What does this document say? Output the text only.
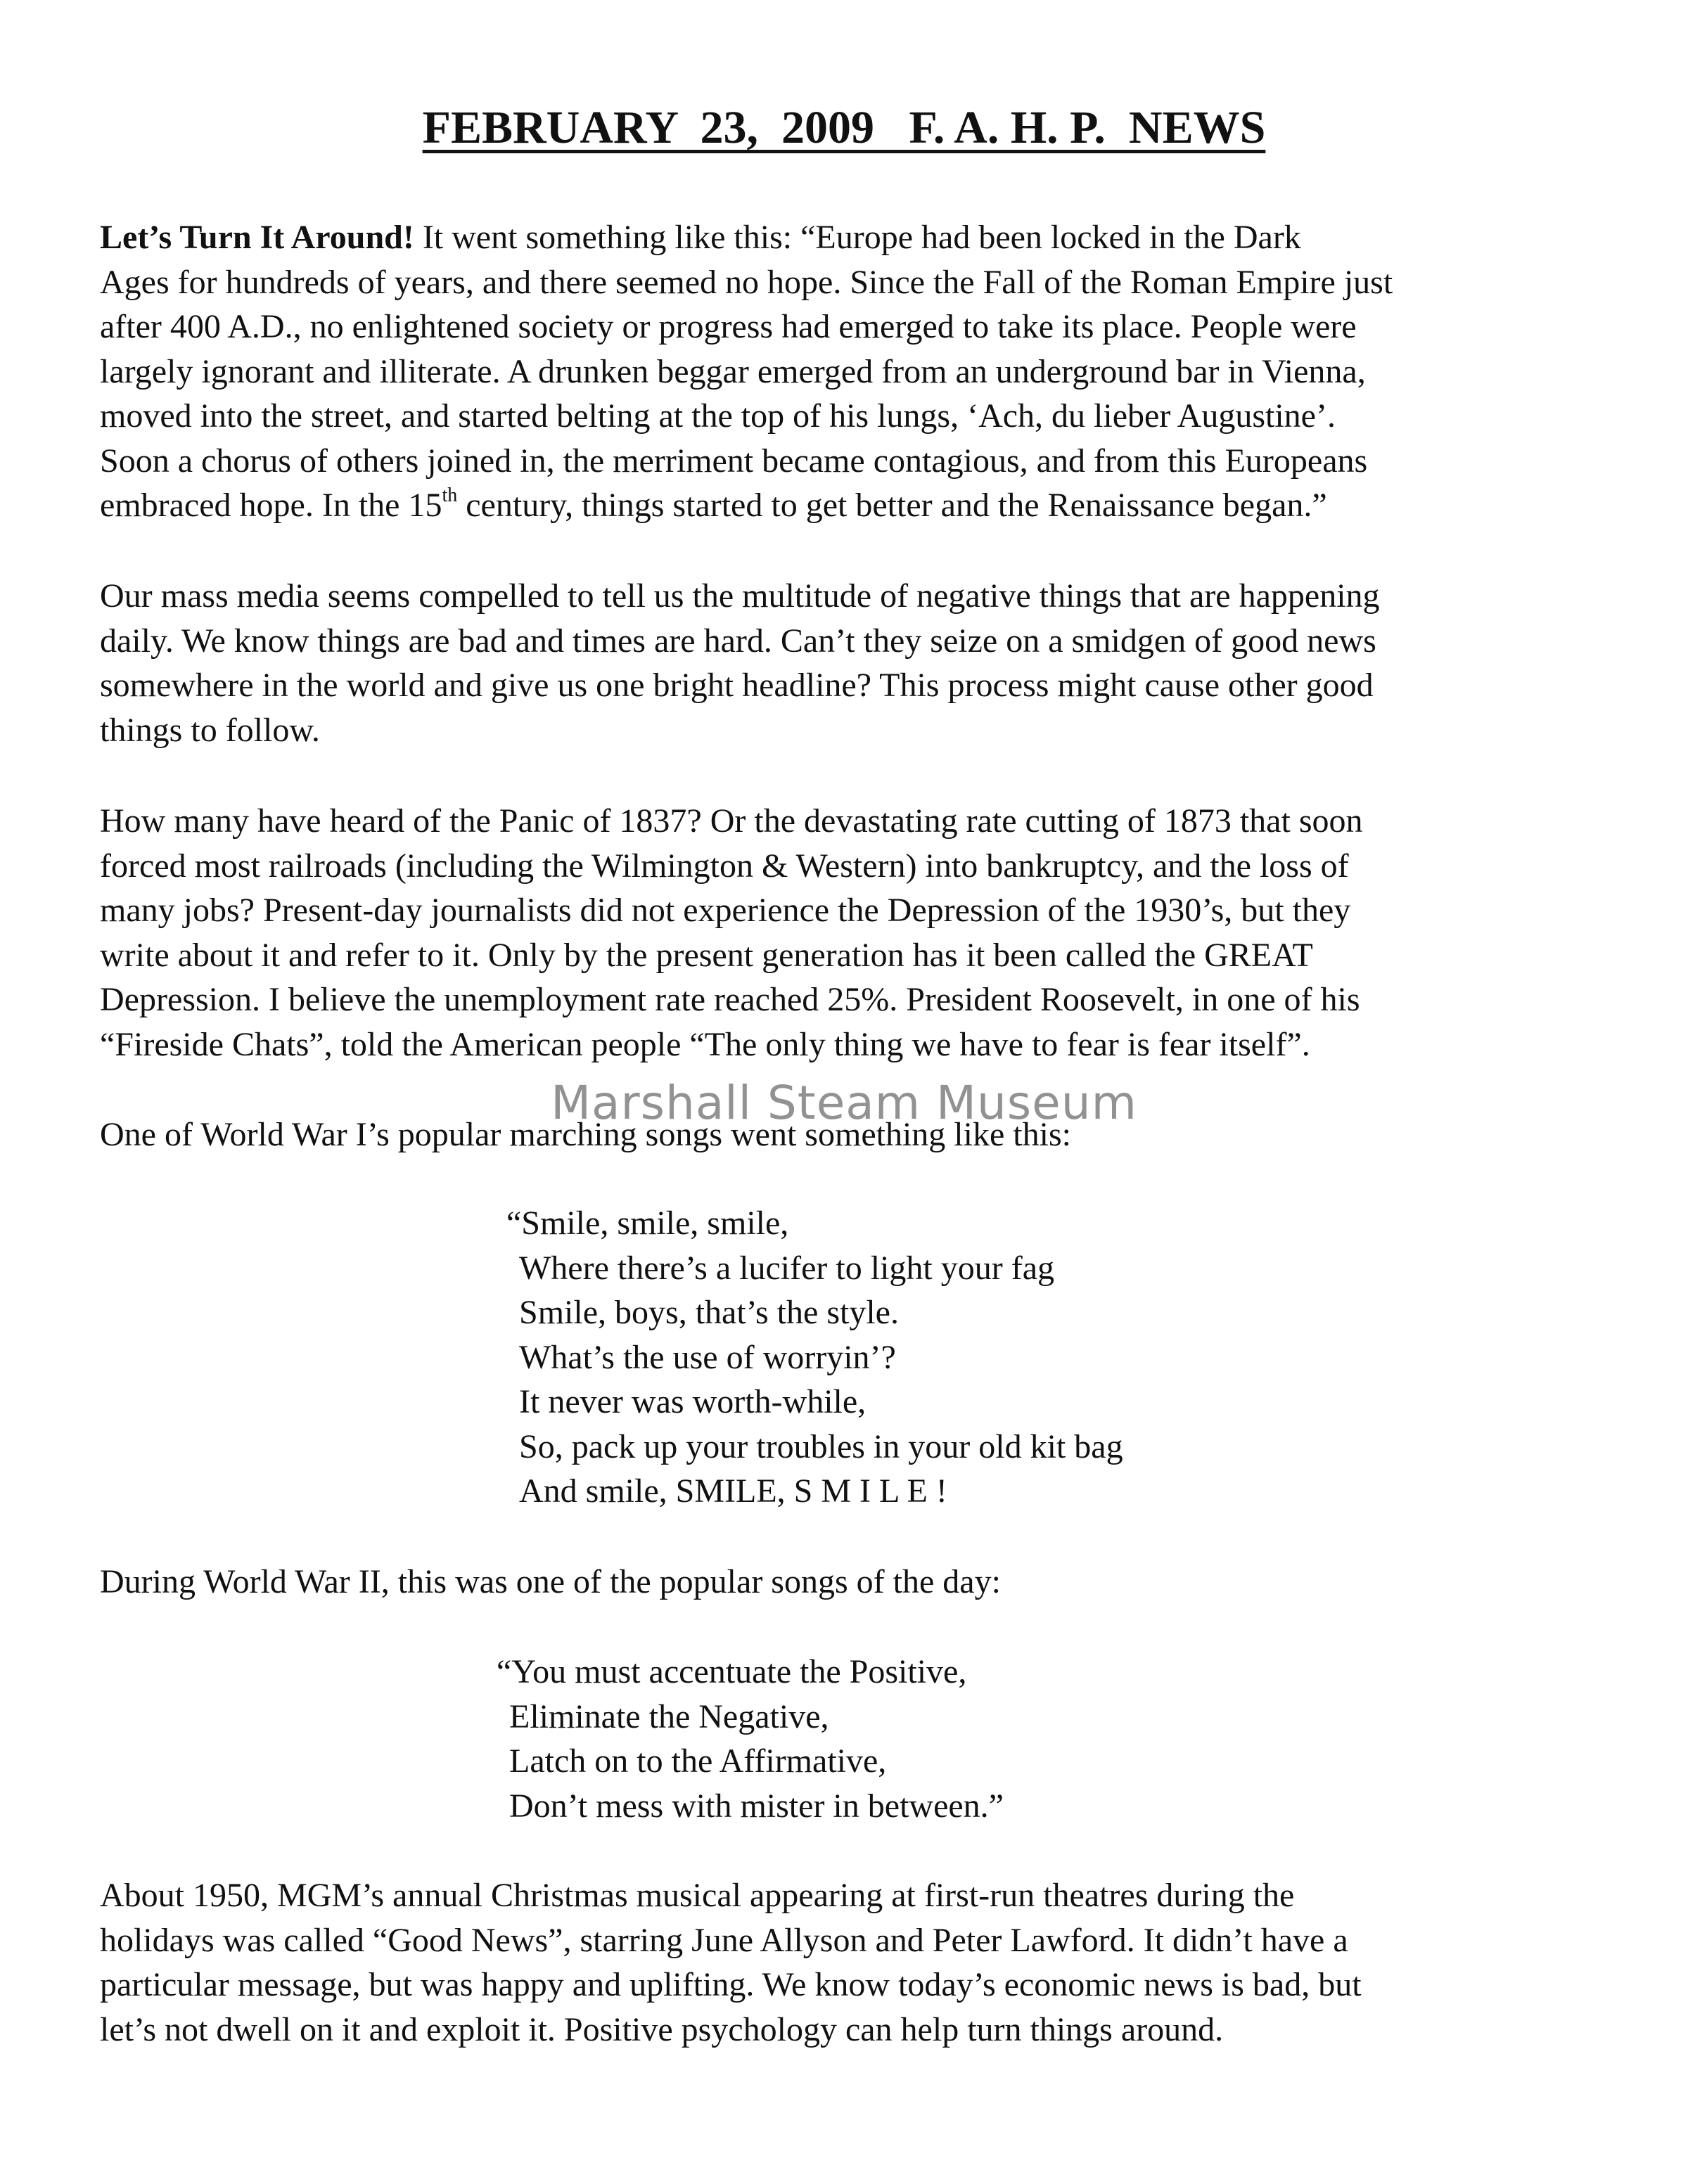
FEBRUARY  23,  2009   F. A. H. P.  NEWS
Let’s Turn It Around! It went something like this: “Europe had been locked in the Dark
Ages for hundreds of years, and there seemed no hope. Since the Fall of the Roman Empire just
after 400 A.D., no enlightened society or progress had emerged to take its place. People were
largely ignorant and illiterate. A drunken beggar emerged from an underground bar in Vienna,
moved into the street, and started belting at the top of his lungs, ‘Ach, du lieber Augustine’.
Soon a chorus of others joined in, the merriment became contagious, and from this Europeans
embraced hope. In the 15th century, things started to get better and the Renaissance began.”
Our mass media seems compelled to tell us the multitude of negative things that are happening
daily. We know things are bad and times are hard. Can’t they seize on a smidgen of good news
somewhere in the world and give us one bright headline? This process might cause other good
things to follow.
How many have heard of the Panic of 1837? Or the devastating rate cutting of 1873 that soon
forced most railroads (including the Wilmington & Western) into bankruptcy, and the loss of
many jobs? Present-day journalists did not experience the Depression of the 1930’s, but they
write about it and refer to it. Only by the present generation has it been called the GREAT
Depression. I believe the unemployment rate reached 25%. President Roosevelt, in one of his
“Fireside Chats”, told the American people “The only thing we have to fear is fear itself”.
Marshall Steam Museum
One of World War I’s popular marching songs went something like this:
“Smile, smile, smile,
Where there’s a lucifer to light your fag
Smile, boys, that’s the style.
What’s the use of worryin’?
It never was worth-while,
So, pack up your troubles in your old kit bag
And smile, SMILE, S M I L E !
During World War II, this was one of the popular songs of the day:
“You must accentuate the Positive,
Eliminate the Negative,
Latch on to the Affirmative,
Don’t mess with mister in between.”
About 1950, MGM’s annual Christmas musical appearing at first-run theatres during the
holidays was called “Good News”, starring June Allyson and Peter Lawford. It didn’t have a
particular message, but was happy and uplifting. We know today’s economic news is bad, but
let’s not dwell on it and exploit it. Positive psychology can help turn things around.
